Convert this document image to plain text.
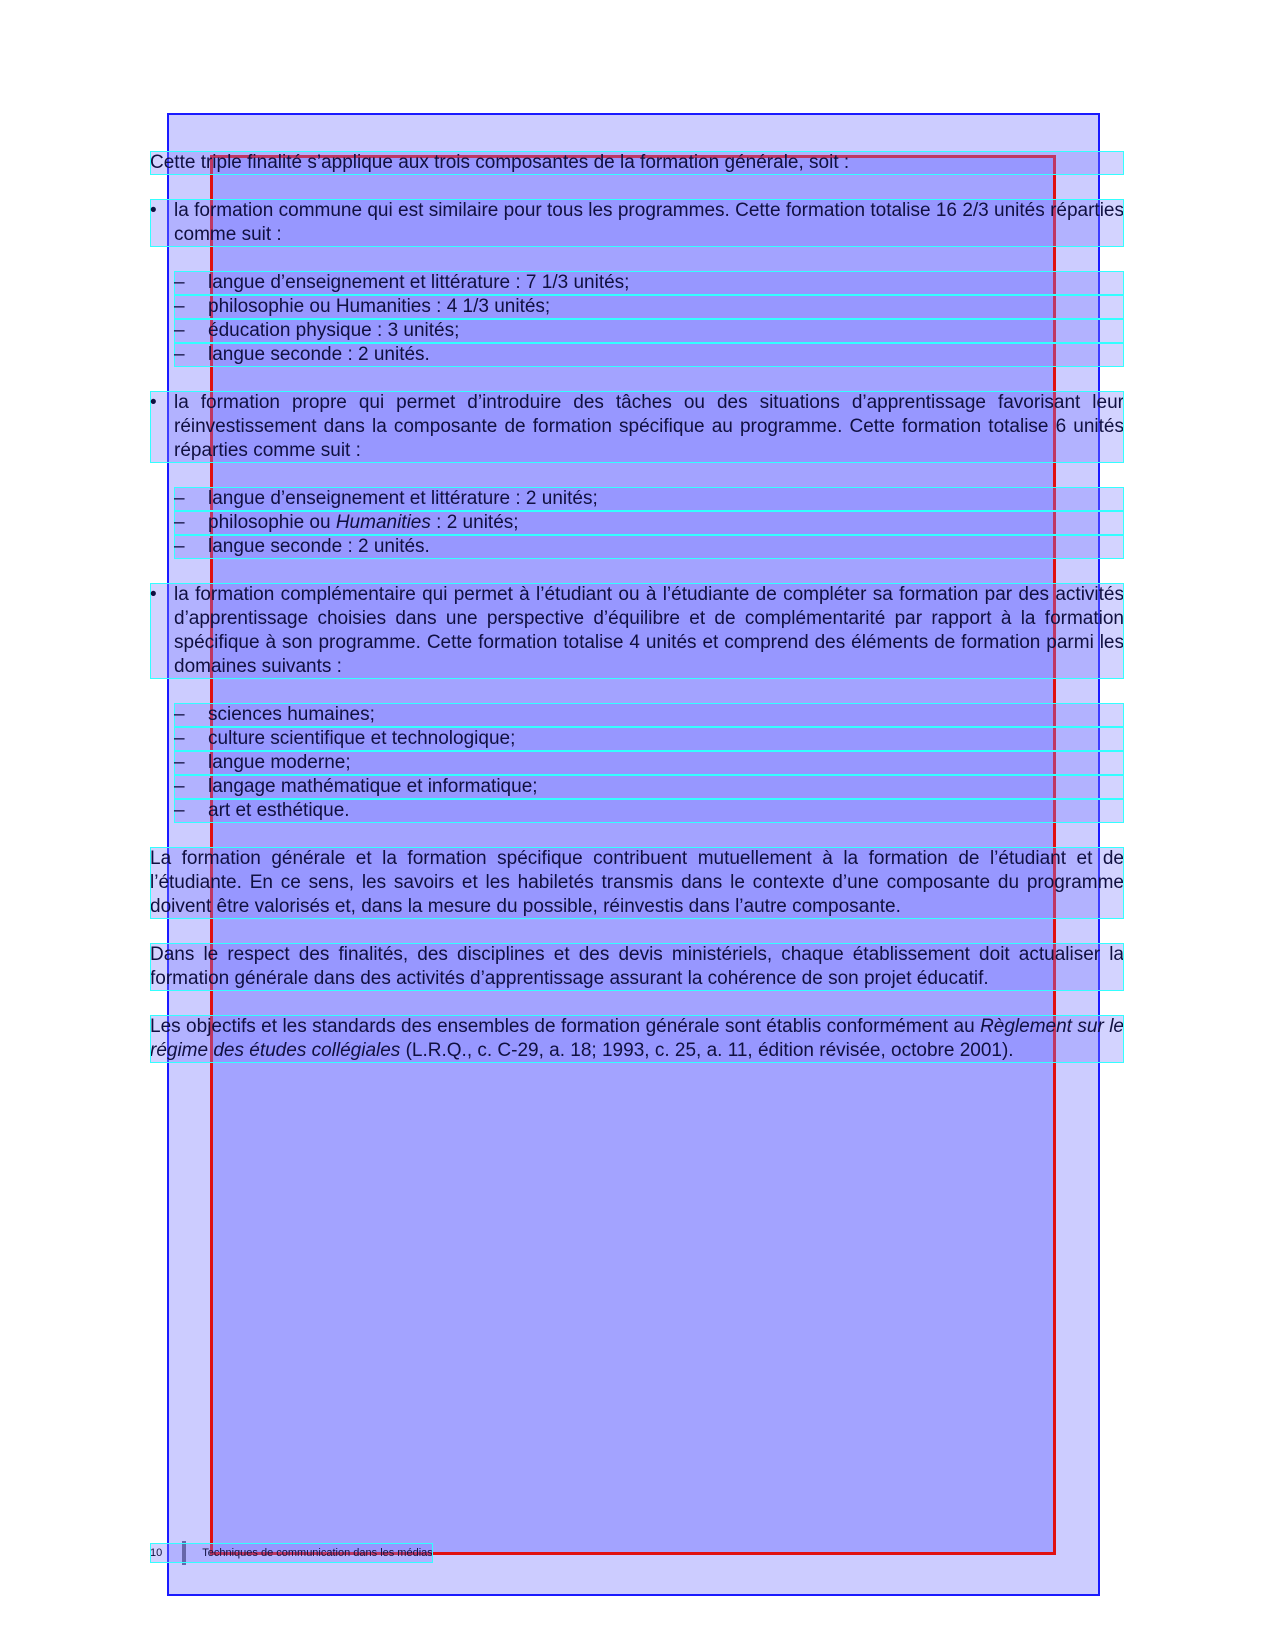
Cette triple finalité s’applique aux trois composantes de la formation générale, soit :

• la formation commune qui est similaire pour tous les programmes. Cette formation totalise 16 2/3 unités réparties comme suit :

– langue d’enseignement et littérature : 7 1/3 unités;
– philosophie ou Humanities : 4 1/3 unités;
– éducation physique : 3 unités;
– langue seconde : 2 unités.

• la formation propre qui permet d’introduire des tâches ou des situations d’apprentissage favorisant leur réinvestissement dans la composante de formation spécifique au programme. Cette formation totalise 6 unités réparties comme suit :

– langue d’enseignement et littérature : 2 unités;
– philosophie ou Humanities : 2 unités;
– langue seconde : 2 unités.

• la formation complémentaire qui permet à l’étudiant ou à l’étudiante de compléter sa formation par des activités d’apprentissage choisies dans une perspective d’équilibre et de complémentarité par rapport à la formation spécifique à son programme. Cette formation totalise 4 unités et comprend des éléments de formation parmi les domaines suivants :

– sciences humaines;
– culture scientifique et technologique;
– langue moderne;
– langage mathématique et informatique;
– art et esthétique.

La formation générale et la formation spécifique contribuent mutuellement à la formation de l’étudiant et de l’étudiante. En ce sens, les savoirs et les habiletés transmis dans le contexte d’une composante du programme doivent être valorisés et, dans la mesure du possible, réinvestis dans l’autre composante.

Dans le respect des finalités, des disciplines et des devis ministériels, chaque établissement doit actualiser la formation générale dans des activités d’apprentissage assurant la cohérence de son projet éducatif.

Les objectifs et les standards des ensembles de formation générale sont établis conformément au Règlement sur le régime des études collégiales (L.R.Q., c. C-29, a. 18; 1993, c. 25, a. 11, édition révisée, octobre 2001).

10	Techniques de communication dans les médias
